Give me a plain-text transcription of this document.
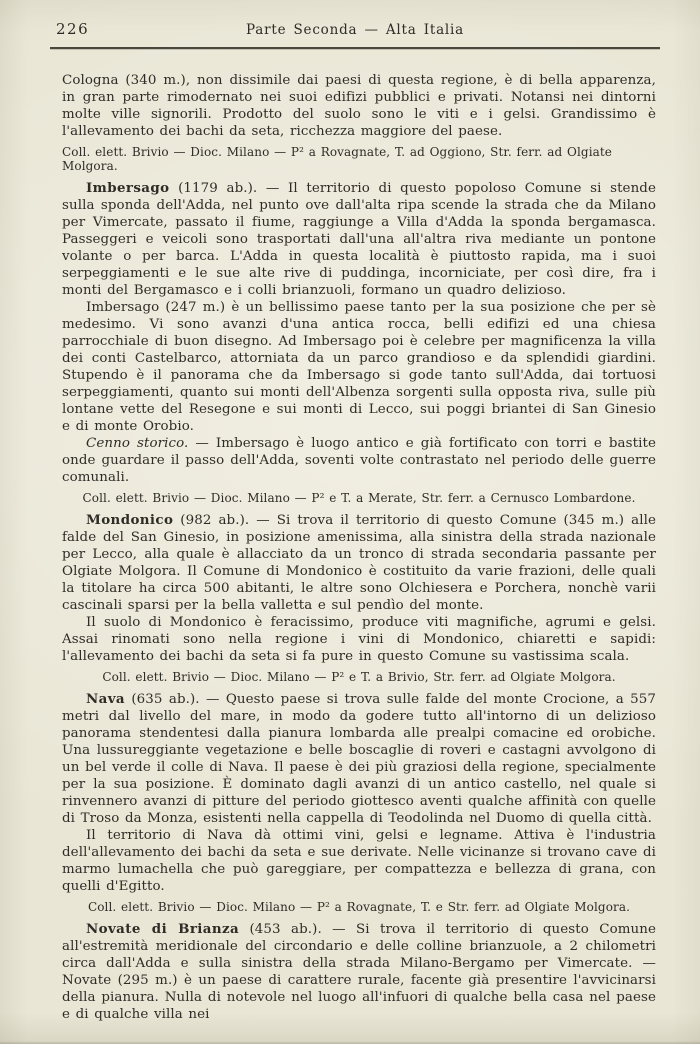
226	Parte Seconda — Alta Italia

Cologna (340 m.), non dissimile dai paesi di questa regione, è di bella apparenza, in gran parte rimodernato nei suoi edifizi pubblici e privati. Notansi nei dintorni molte ville signorili. Prodotto del suolo sono le viti e i gelsi. Grandissimo è l'allevamento dei bachi da seta, ricchezza maggiore del paese.

Coll. elett. Brivio — Dioc. Milano — P² a Rovagnate, T. ad Oggiono, Str. ferr. ad Olgiate Molgora.

Imbersago (1179 ab.). — Il territorio di questo popoloso Comune si stende sulla sponda dell'Adda, nel punto ove dall'alta ripa scende la strada che da Milano per Vimercate, passato il fiume, raggiunge a Villa d'Adda la sponda bergamasca. Passeggeri e veicoli sono trasportati dall'una all'altra riva mediante un pontone volante o per barca. L'Adda in questa località è piuttosto rapida, ma i suoi serpeggiamenti e le sue alte rive di puddinga, incorniciate, per così dire, fra i monti del Bergamasco e i colli brianzuoli, formano un quadro delizioso.

Imbersago (247 m.) è un bellissimo paese tanto per la sua posizione che per sè medesimo. Vi sono avanzi d'una antica rocca, belli edifizi ed una chiesa parrocchiale di buon disegno. Ad Imbersago poi è celebre per magnificenza la villa dei conti Castelbarco, attorniata da un parco grandioso e da splendidi giardini. Stupendo è il panorama che da Imbersago si gode tanto sull'Adda, dai tortuosi serpeggiamenti, quanto sui monti dell'Albenza sorgenti sulla opposta riva, sulle più lontane vette del Resegone e sui monti di Lecco, sui poggi briantei di San Ginesio e di monte Orobio.

Cenno storico. — Imbersago è luogo antico e già fortificato con torri e bastite onde guardare il passo dell'Adda, soventi volte contrastato nel periodo delle guerre comunali.

Coll. elett. Brivio — Dioc. Milano — P² e T. a Merate, Str. ferr. a Cernusco Lombardone.

Mondonico (982 ab.). — Si trova il territorio di questo Comune (345 m.) alle falde del San Ginesio, in posizione amenissima, alla sinistra della strada nazionale per Lecco, alla quale è allacciato da un tronco di strada secondaria passante per Olgiate Molgora. Il Comune di Mondonico è costituito da varie frazioni, delle quali la titolare ha circa 500 abitanti, le altre sono Olchiesera e Porchera, nonchè varii cascinali sparsi per la bella valletta e sul pendìo del monte.

Il suolo di Mondonico è feracissimo, produce viti magnifiche, agrumi e gelsi. Assai rinomati sono nella regione i vini di Mondonico, chiaretti e sapidi: l'allevamento dei bachi da seta si fa pure in questo Comune su vastissima scala.

Coll. elett. Brivio — Dioc. Milano — P² e T. a Brivio, Str. ferr. ad Olgiate Molgora.

Nava (635 ab.). — Questo paese si trova sulle falde del monte Crocione, a 557 metri dal livello del mare, in modo da godere tutto all'intorno di un delizioso panorama stendentesi dalla pianura lombarda alle prealpi comacine ed orobiche. Una lussureggiante vegetazione e belle boscaglie di roveri e castagni avvolgono di un bel verde il colle di Nava. Il paese è dei più graziosi della regione, specialmente per la sua posizione. È dominato dagli avanzi di un antico castello, nel quale si rinvennero avanzi di pitture del periodo giottesco aventi qualche affinità con quelle di Troso da Monza, esistenti nella cappella di Teodolinda nel Duomo di quella città.

Il territorio di Nava dà ottimi vini, gelsi e legname. Attiva è l'industria dell'allevamento dei bachi da seta e sue derivate. Nelle vicinanze si trovano cave di marmo lumachella che può gareggiare, per compattezza e bellezza di grana, con quelli d'Egitto.

Coll. elett. Brivio — Dioc. Milano — P² a Rovagnate, T. e Str. ferr. ad Olgiate Molgora.

Novate di Brianza (453 ab.). — Si trova il territorio di questo Comune all'estremità meridionale del circondario e delle colline brianzuole, a 2 chilometri circa dall'Adda e sulla sinistra della strada Milano-Bergamo per Vimercate. — Novate (295 m.) è un paese di carattere rurale, facente già presentire l'avvicinarsi della pianura. Nulla di notevole nel luogo all'infuori di qualche bella casa nel paese e di qualche villa nei
